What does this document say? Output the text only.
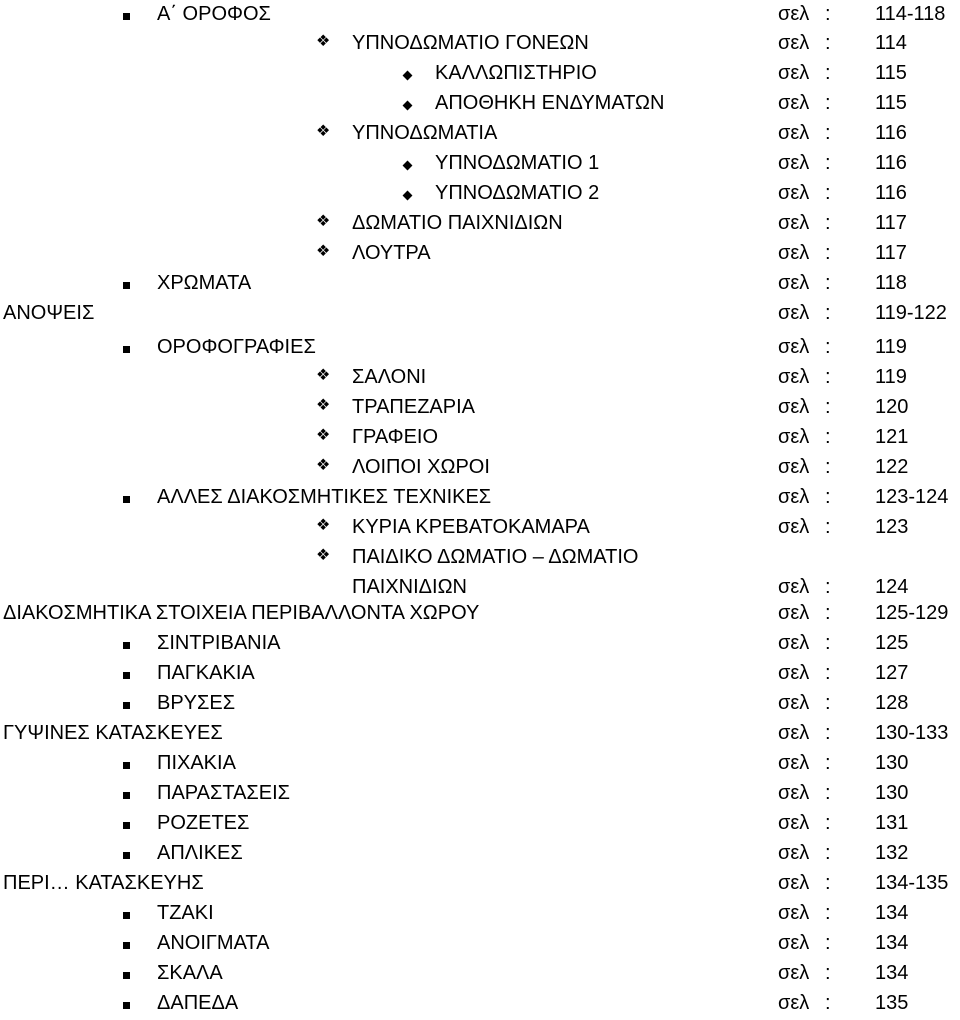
Α΄ ΟΡΟΦΟΣ	σελ : 114-118
❖ ΥΠΝΟΔΩΜΑΤΙΟ ΓΟΝΕΩΝ	σελ : 114
ΚΑΛΛΩΠΙΣΤΗΡΙΟ	σελ : 115
ΑΠΟΘΗΚΗ ΕΝΔΥΜΑΤΩΝ	σελ : 115
❖ ΥΠΝΟΔΩΜΑΤΙΑ	σελ : 116
ΥΠΝΟΔΩΜΑΤΙΟ 1	σελ : 116
ΥΠΝΟΔΩΜΑΤΙΟ 2	σελ : 116
❖ ΔΩΜΑΤΙΟ ΠΑΙΧΝΙΔΙΩΝ	σελ : 117
❖ ΛΟΥΤΡΑ	σελ : 117
ΧΡΩΜΑΤΑ	σελ : 118
ΑΝΟΨΕΙΣ	σελ : 119-122
ΟΡΟΦΟΓΡΑΦΙΕΣ	σελ : 119
❖ ΣΑΛΟΝΙ	σελ : 119
❖ ΤΡΑΠΕΖΑΡΙΑ	σελ : 120
❖ ΓΡΑΦΕΙΟ	σελ : 121
❖ ΛΟΙΠΟΙ ΧΩΡΟΙ	σελ : 122
ΑΛΛΕΣ ΔΙΑΚΟΣΜΗΤΙΚΕΣ ΤΕΧΝΙΚΕΣ	σελ : 123-124
❖ ΚΥΡΙΑ ΚΡΕΒΑΤΟΚΑΜΑΡΑ	σελ : 123
❖ ΠΑΙΔΙΚΟ ΔΩΜΑΤΙΟ – ΔΩΜΑΤΙΟ
ΠΑΙΧΝΙΔΙΩΝ	σελ : 124
ΔΙΑΚΟΣΜΗΤΙΚΑ ΣΤΟΙΧΕΙΑ ΠΕΡΙΒΑΛΛΟΝΤΑ ΧΩΡΟΥ	σελ : 125-129
ΣΙΝΤΡΙΒΑΝΙΑ	σελ : 125
ΠΑΓΚΑΚΙΑ	σελ : 127
ΒΡΥΣΕΣ	σελ : 128
ΓΥΨΙΝΕΣ ΚΑΤΑΣΚΕΥΕΣ	σελ : 130-133
ΠΙΧΑΚΙΑ	σελ : 130
ΠΑΡΑΣΤΑΣΕΙΣ	σελ : 130
ΡΟΖΕΤΕΣ	σελ : 131
ΑΠΛΙΚΕΣ	σελ : 132
ΠΕΡΙ… ΚΑΤΑΣΚΕΥΗΣ	σελ : 134-135
ΤΖΑΚΙ	σελ : 134
ΑΝΟΙΓΜΑΤΑ	σελ : 134
ΣΚΑΛΑ	σελ : 134
ΔΑΠΕΔΑ	σελ : 135
